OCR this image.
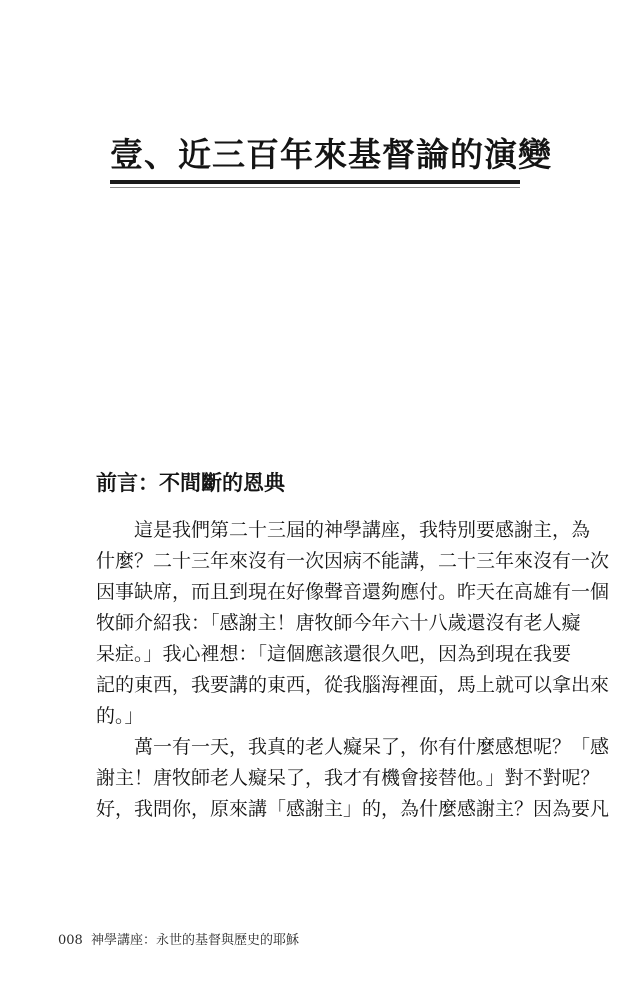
壹、近三百年來基督論的演變
前言：不間斷的恩典
　　這是我們第二十三屆的神學講座，我特別要感謝主，為
什麼？二十三年來沒有一次因病不能講，二十三年來沒有一次
因事缺席，而且到現在好像聲音還夠應付。昨天在高雄有一個
牧師介紹我：「感謝主！唐牧師今年六十八歲還沒有老人癡
呆症。」我心裡想：「這個應該還很久吧，因為到現在我要
記的東西，我要講的東西，從我腦海裡面，馬上就可以拿出來
的。」
　　萬一有一天，我真的老人癡呆了，你有什麼感想呢？「感
謝主！唐牧師老人癡呆了，我才有機會接替他。」對不對呢？
好，我問你，原來講「感謝主」的，為什麼感謝主？因為要凡
008 神學講座：永世的基督與歷史的耶穌
